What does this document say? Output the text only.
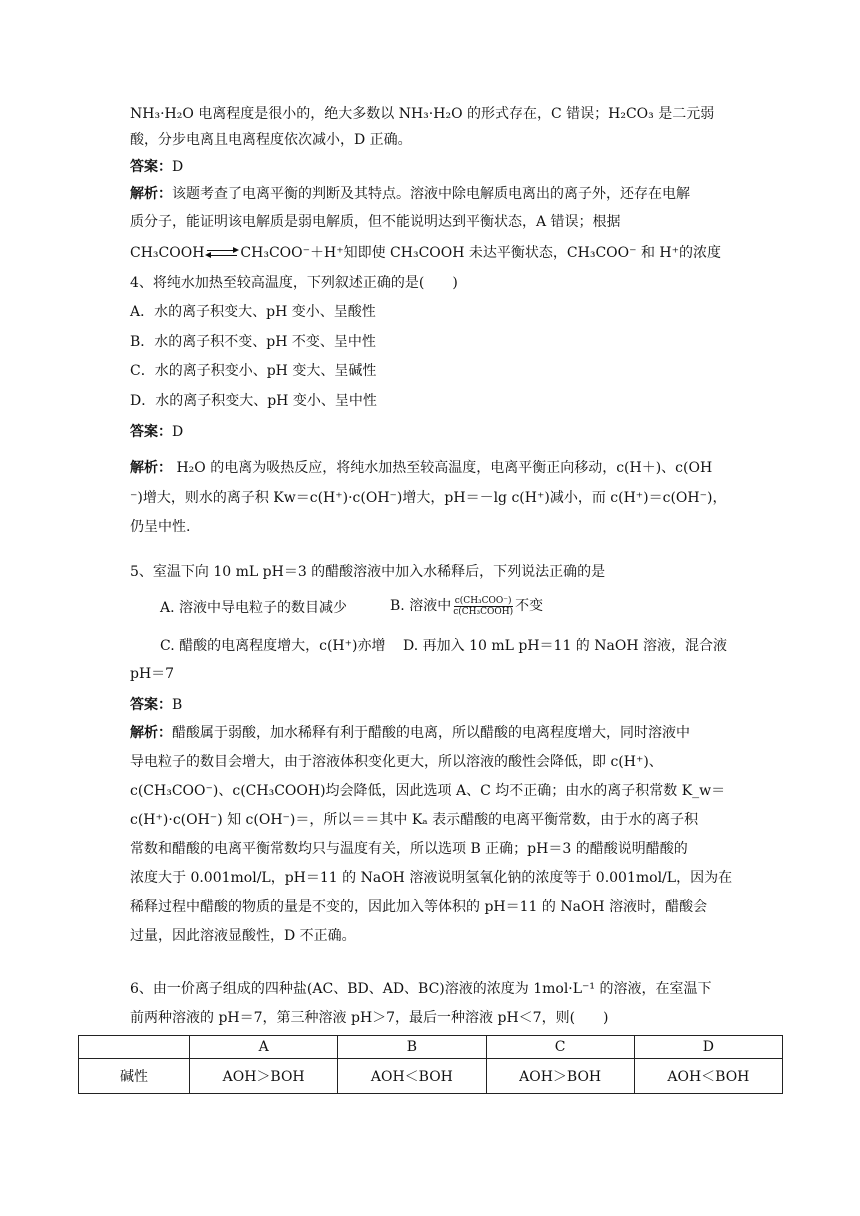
NH₃·H₂O 电离程度是很小的，绝大多数以 NH₃·H₂O 的形式存在，C 错误；H₂CO₃ 是二元弱
酸，分步电离且电离程度依次减小，D 正确。
答案：D
解析：该题考查了电离平衡的判断及其特点。溶液中除电解质电离出的离子外，还存在电解
质分子，能证明该电解质是弱电解质，但不能说明达到平衡状态，A 错误；根据
CH₃COOH	CH₃COO⁻＋H⁺知即使 CH₃COOH 未达平衡状态，CH₃COO⁻ 和 H⁺的浓度
4、将纯水加热至较高温度，下列叙述正确的是(　　)
A．水的离子积变大、pH 变小、呈酸性
B．水的离子积不变、pH 不变、呈中性
C．水的离子积变小、pH 变大、呈碱性
D．水的离子积变大、pH 变小、呈中性
答案：D
解析： H₂O 的电离为吸热反应，将纯水加热至较高温度，电离平衡正向移动，c(H＋)、c(OH
⁻)增大，则水的离子积 Kw＝c(H⁺)·c(OH⁻)增大，pH＝－lg c(H⁺)减小，而 c(H⁺)＝c(OH⁻)，
仍呈中性.
5、室温下向 10 mL pH＝3 的醋酸溶液中加入水稀释后，下列说法正确的是
A. 溶液中导电粒子的数目减少	B. 溶液中 $\frac{\text{c(CH₃COO⁻)}}{\text{c(CH₃COOH)}}$ 不变
C. 醋酸的电离程度增大，c(H⁺)亦增 D. 再加入 10 mL pH＝11 的 NaOH 溶液，混合液
pH＝7
答案：B
解析：醋酸属于弱酸，加水稀释有利于醋酸的电离，所以醋酸的电离程度增大，同时溶液中
导电粒子的数目会增大，由于溶液体积变化更大，所以溶液的酸性会降低，即 c(H⁺)、
c(CH₃COO⁻)、c(CH₃COOH)均会降低，因此选项 A、C 均不正确；由水的离子积常数 K_w＝
c(H⁺)·c(OH⁻) 知 c(OH⁻)＝，所以＝＝其中 Kₐ 表示醋酸的电离平衡常数，由于水的离子积
常数和醋酸的电离平衡常数均只与温度有关，所以选项 B 正确；pH＝3 的醋酸说明醋酸的
浓度大于 0.001mol/L，pH＝11 的 NaOH 溶液说明氢氧化钠的浓度等于 0.001mol/L，因为在
稀释过程中醋酸的物质的量是不变的，因此加入等体积的 pH＝11 的 NaOH 溶液时，醋酸会
过量，因此溶液显酸性，D 不正确。
6、由一价离子组成的四种盐(AC、BD、AD、BC)溶液的浓度为 1mol·L⁻¹ 的溶液，在室温下
前两种溶液的 pH＝7，第三种溶液 pH＞7，最后一种溶液 pH＜7，则(　　)
	A	B	C	D
碱性	AOH＞BOH	AOH＜BOH	AOH＞BOH	AOH＜BOH
